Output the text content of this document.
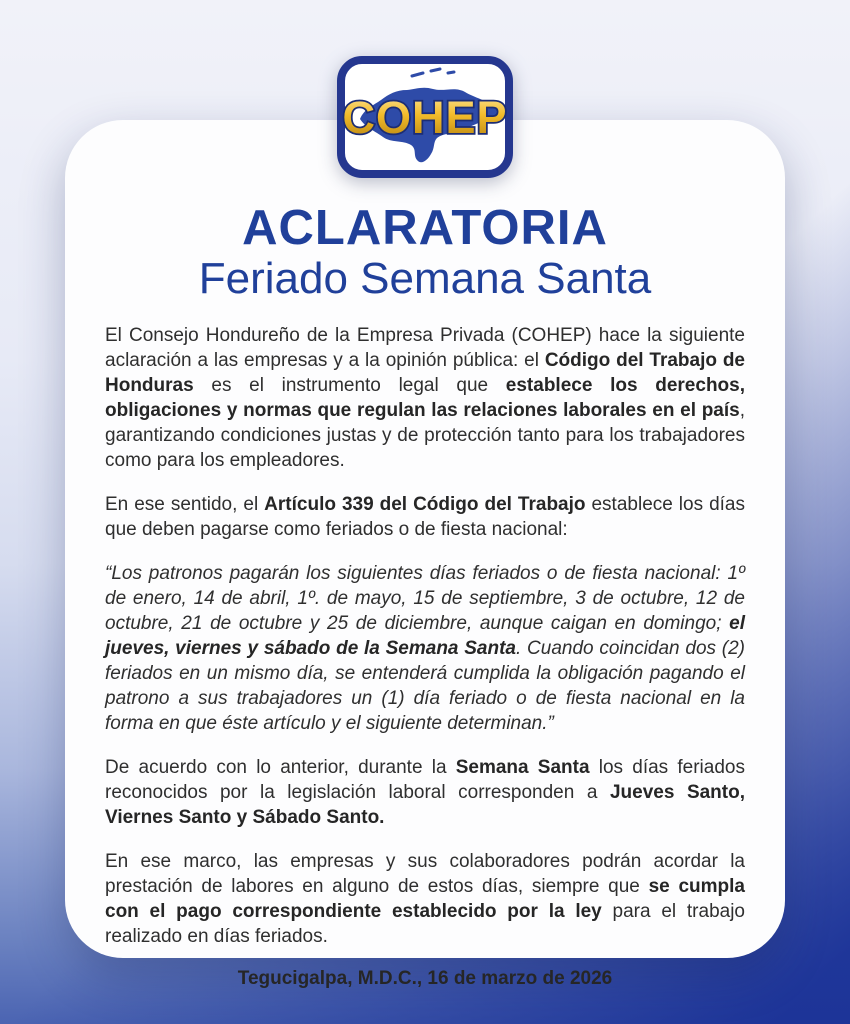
COHEP
ACLARATORIA
Feriado Semana Santa

El Consejo Hondureño de la Empresa Privada (COHEP) hace la siguiente aclaración a las empresas y a la opinión pública: el Código del Trabajo de Honduras es el instrumento legal que establece los derechos, obligaciones y normas que regulan las relaciones laborales en el país, garantizando condiciones justas y de protección tanto para los trabajadores como para los empleadores.

En ese sentido, el Artículo 339 del Código del Trabajo establece los días que deben pagarse como feriados o de fiesta nacional:

“Los patronos pagarán los siguientes días feriados o de fiesta nacional: 1º de enero, 14 de abril, 1º. de mayo, 15 de septiembre, 3 de octubre, 12 de octubre, 21 de octubre y 25 de diciembre, aunque caigan en domingo; el jueves, viernes y sábado de la Semana Santa. Cuando coincidan dos (2) feriados en un mismo día, se entenderá cumplida la obligación pagando el patrono a sus trabajadores un (1) día feriado o de fiesta nacional en la forma en que éste artículo y el siguiente determinan.”

De acuerdo con lo anterior, durante la Semana Santa los días feriados reconocidos por la legislación laboral corresponden a Jueves Santo, Viernes Santo y Sábado Santo.

En ese marco, las empresas y sus colaboradores podrán acordar la prestación de labores en alguno de estos días, siempre que se cumpla con el pago correspondiente establecido por la ley para el trabajo realizado en días feriados.

Tegucigalpa, M.D.C., 16 de marzo de 2026
